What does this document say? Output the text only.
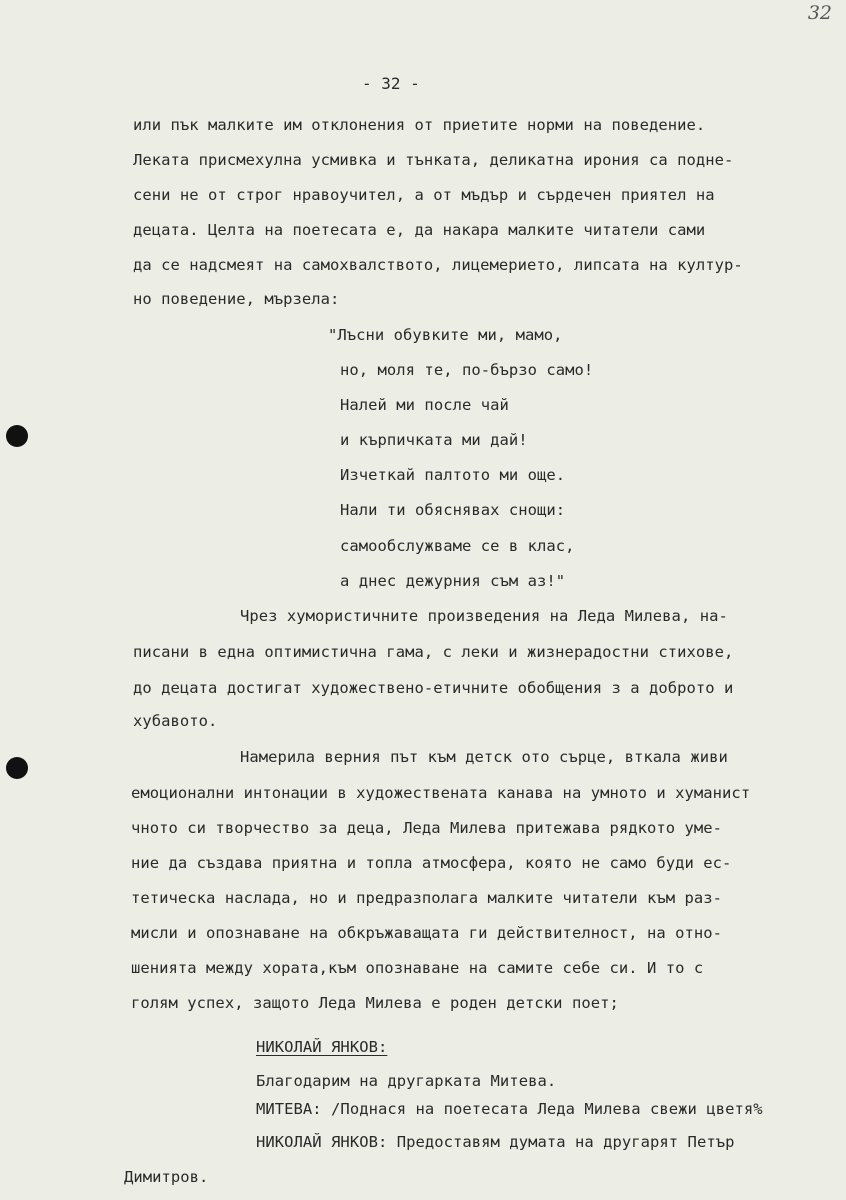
32
- 32 -
или пък малките им отклонения от приетите норми на поведение.
Леката присмехулна усмивка и тънката, деликатна ирония са подне-
сени не от строг нравоучител, а от мъдър и сърдечен приятел на
децата. Целта на поетесата е, да накара малките читатели сами
да се надсмеят на самохвалството, лицемерието, липсата на култур-
но поведение, мързела:
"Лъсни обувките ми, мамо,
но, моля те, по-бързо само!
Налей ми после чай
и кърпичката ми дай!
Изчеткай палтото ми още.
Нали ти обяснявах снощи:
самообслужваме се в клас,
а днес дежурния съм аз!"
Чрез хумористичните произведения на Леда Милева, на-
писани в една оптимистична гама, с леки и жизнерадостни стихове,
до децата достигат художествено-етичните обобщения з а доброто и
хубавото.
Намерила верния път към детск ото сърце, вткала живи
емоционални интонации в художествената канава на умното и хуманист
чното си творчество за деца, Леда Милева притежава рядкото уме-
ние да създава приятна и топла атмосфера, която не само буди ес-
тетическа наслада, но и предразполага малките читатели към раз-
мисли и опознаване на обкръжаващата ги действителност, на отно-
шенията между хората,към опознаване на самите себе си. И то с
голям успех, защото Леда Милева е роден детски поет;
НИКОЛАЙ ЯНКОВ:
Благодарим на другарката Митева.
МИТЕВА: /Поднася на поетесата Леда Милева свежи цветя%
НИКОЛАЙ ЯНКОВ: Предоставям думата на другарят Петър
Димитров.
